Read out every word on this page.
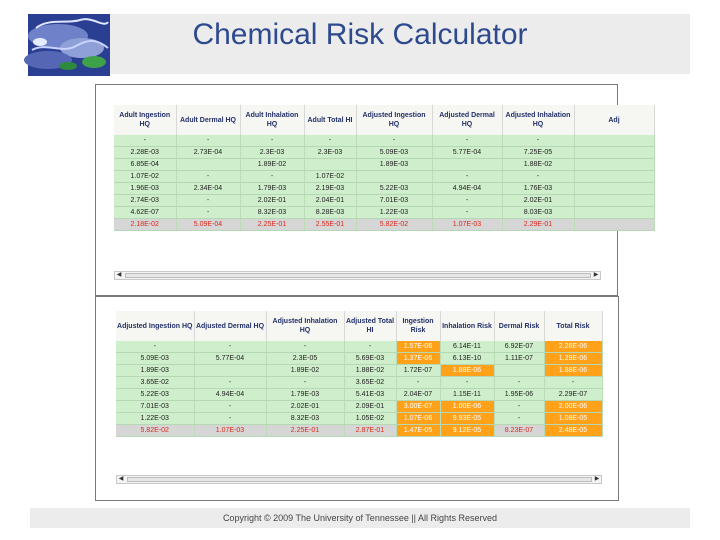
Chemical Risk Calculator
Adult Ingestion HQ	Adult Dermal HQ	Adult Inhalation HQ	Adult Total HI	Adjusted Ingestion HQ	Adjusted Dermal HQ	Adjusted Inhalation HQ	Adj
-	-	-	-	-	-	-	
2.28E-03	2.73E-04	2.3E-03	2.3E-03	5.09E-03	5.77E-04	7.25E-05	
6.85E-04		1.89E-02		1.89E-03		1.88E-02	
1.07E-02	-	-	1.07E-02		-	-	
1.96E-03	2.34E-04	1.79E-03	2.19E-03	5.22E-03	4.94E-04	1.76E-03	
2.74E-03	-	2.02E-01	2.04E-01	7.01E-03	-	2.02E-01	
4.62E-07	-	8.32E-03	8.28E-03	1.22E-03	-	8.03E-03	
2.18E-02	5.09E-04	2.25E-01	2.55E-01	5.82E-02	1.07E-03	2.29E-01	
◀	▶
Adjusted Ingestion HQ	Adjusted Dermal HQ	Adjusted Inhalation HQ	Adjusted Total HI	Ingestion Risk	Inhalation Risk	Dermal Risk	Total Risk
-	-	-	-	1.57E-06	6.14E-11	6.92E-07	2.26E-06
5.09E-03	5.77E-04	2.3E-05	5.69E-03	1.37E-06	6.13E-10	1.11E-07	1.29E-06
1.89E-03		1.89E-02	1.88E-02	1.72E-07	1.88E-06		1.88E-06
3.65E-02	-	-	3.65E-02	-	-	-	-
5.22E-03	4.94E-04	1.79E-03	5.41E-03	2.04E-07	1.15E-11	1.95E-06	2.29E-07
7.01E-03	-	2.02E-01	2.09E-01	3.00E-07	1.00E-06	-	2.00E-06
1.22E-03	-	8.32E-03	1.05E-02	1.07E-06	9.93E-05	-	1.08E-05
5.82E-02	1.07E-03	2.25E-01	2.87E-01	1.47E-05	9.12E-05	8.23E-07	2.48E-05
◀	▶
Copyright © 2009 The University of Tennessee || All Rights Reserved
